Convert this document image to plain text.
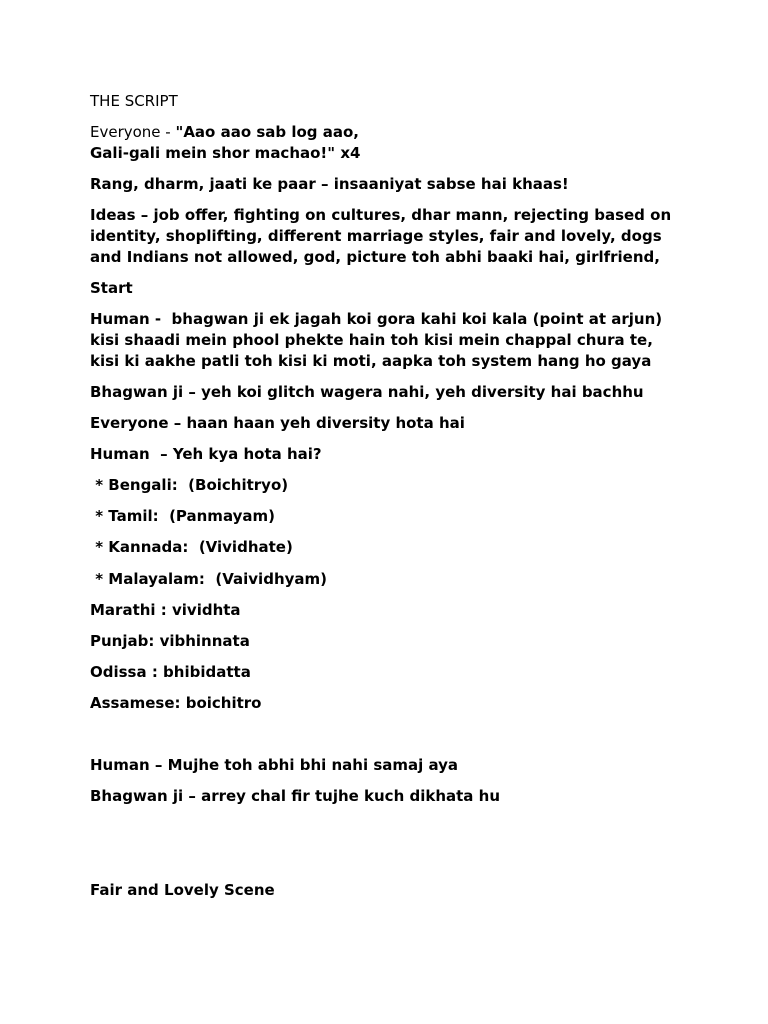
THE SCRIPT

Everyone - "Aao aao sab log aao,

Gali-gali mein shor machao!" x4

Rang, dharm, jaati ke paar – insaaniyat sabse hai khaas!

Ideas – job offer, fighting on cultures, dhar mann, rejecting based on

identity, shoplifting, different marriage styles, fair and lovely, dogs

and Indians not allowed, god, picture toh abhi baaki hai, girlfriend,

Start

Human -  bhagwan ji ek jagah koi gora kahi koi kala (point at arjun)

kisi shaadi mein phool phekte hain toh kisi mein chappal chura te,

kisi ki aakhe patli toh kisi ki moti, aapka toh system hang ho gaya

Bhagwan ji – yeh koi glitch wagera nahi, yeh diversity hai bachhu

Everyone – haan haan yeh diversity hota hai

Human  – Yeh kya hota hai?

* Bengali:  (Boichitryo)

* Tamil:  (Panmayam)

* Kannada:  (Vividhate)

* Malayalam:  (Vaividhyam)

Marathi : vividhta

Punjab: vibhinnata

Odissa : bhibidatta

Assamese: boichitro

Human – Mujhe toh abhi bhi nahi samaj aya

Bhagwan ji – arrey chal fir tujhe kuch dikhata hu

Fair and Lovely Scene
